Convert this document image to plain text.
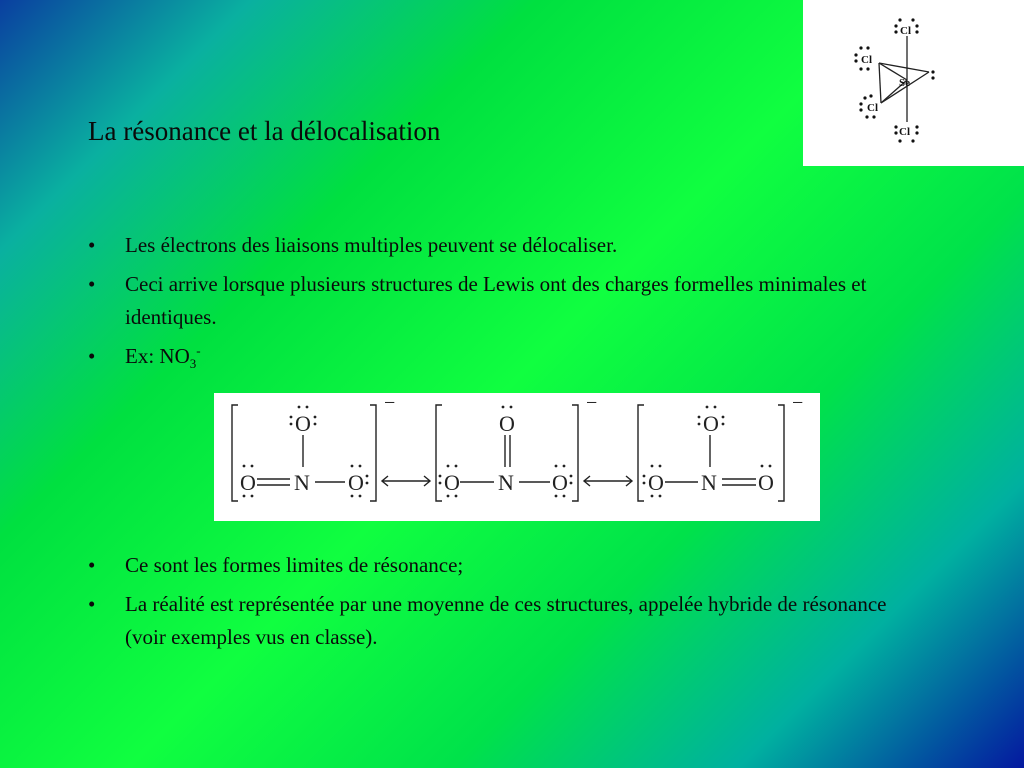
La résonance et la délocalisation
• Les électrons des liaisons multiples peuvent se délocaliser.
• Ceci arrive lorsque plusieurs structures de Lewis ont des charges formelles minimales et identiques.
• Ex: $NO_3^-$
• Ce sont les formes limites de résonance;
• La réalité est représentée par une moyenne de ces structures, appelée hybride de résonance (voir exemples vus en classe).
Cl
Cl
Se
Cl
Cl
−	−	−
O
O N O
O
O N O
O
O N O
